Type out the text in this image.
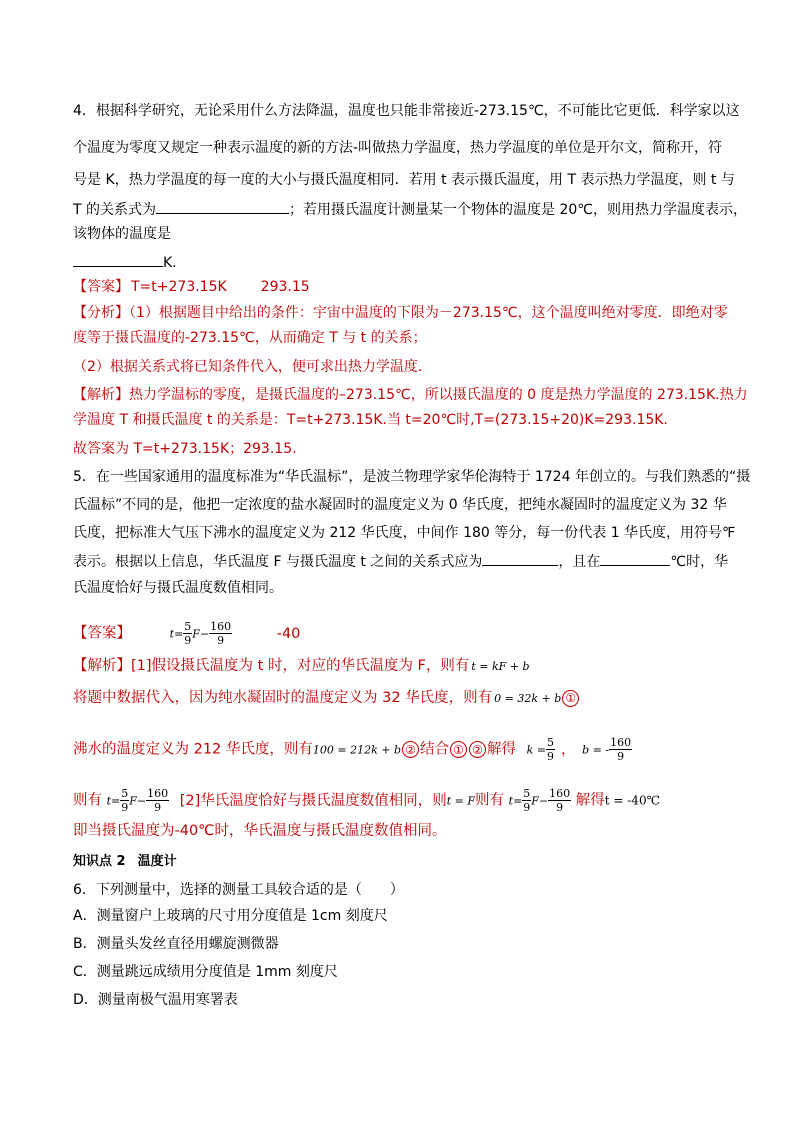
4．根据科学研究，无论采用什么方法降温，温度也只能非常接近-273.15℃，不可能比它更低．科学家以这
个温度为零度又规定一种表示温度的新的方法-叫做热力学温度，热力学温度的单位是开尔文，简称开，符
号是 K，热力学温度的每一度的大小与摄氏温度相同．若用 t 表示摄氏温度，用 T 表示热力学温度，则 t 与
T 的关系式为	；若用摄氏温度计测量某一个物体的温度是 20℃，则用热力学温度表示，
该物体的温度是
K．
【答案】 T=t+273.15K 293.15
【分析】（1）根据题目中给出的条件：宇宙中温度的下限为－273.15℃，这个温度叫绝对零度．即绝对零
度等于摄氏温度的-273.15℃，从而确定 T 与 t 的关系；
（2）根据关系式将已知条件代入，便可求出热力学温度．
【解析】热力学温标的零度，是摄氏温度的–273.15℃，所以摄氏温度的 0 度是热力学温度的 273.15K.热力
学温度 T 和摄氏温度 t 的关系是：T=t+273.15K.当 t=20℃时,T=(273.15+20)K=293.15K.
故答案为 T=t+273.15K；293.15.
5．在一些国家通用的温度标准为“华氏温标”，是波兰物理学家华伦海特于 1724 年创立的。与我们熟悉的“摄
氏温标”不同的是，他把一定浓度的盐水凝固时的温度定义为 0 华氏度，把纯水凝固时的温度定义为 32 华
氏度，把标准大气压下沸水的温度定义为 212 华氏度，中间作 180 等分，每一份代表 1 华氏度，用符号℉
表示。根据以上信息，华氏温度 F 与摄氏温度 t 之间的关系式应为	，且在	℃时，华
氏温度恰好与摄氏温度数值相同。
【答案】	$t= \frac{5}{9} F- \frac{160}{9}$	-40
【解析】[1]假设摄氏温度为 t 时，对应的华氏温度为 F，则有 t = kF + b
将题中数据代入，因为纯水凝固时的温度定义为 32 华氏度，则有 0 = 32k + b ①
沸水的温度定义为 212 华氏度，则有100 = 212k + b ② 结合 ① ② 解得 $k = \frac{5}{9}$ ， b = - $\frac{160}{9}$
则有 $t= \frac{5}{9} F- \frac{160}{9} [2]$华氏温度恰好与摄氏温度数值相同，则t = F则有 $t= \frac{5}{9} F- \frac{160}{9}$ 解得t = -40℃
即当摄氏温度为-40℃时，华氏温度与摄氏温度数值相同。
知识点 2 温度计
6．下列测量中，选择的测量工具较合适的是（　　）
A．测量窗户上玻璃的尺寸用分度值是 1cm 刻度尺
B．测量头发丝直径用螺旋测微器
C．测量跳远成绩用分度值是 1mm 刻度尺
D．测量南极气温用寒署表
